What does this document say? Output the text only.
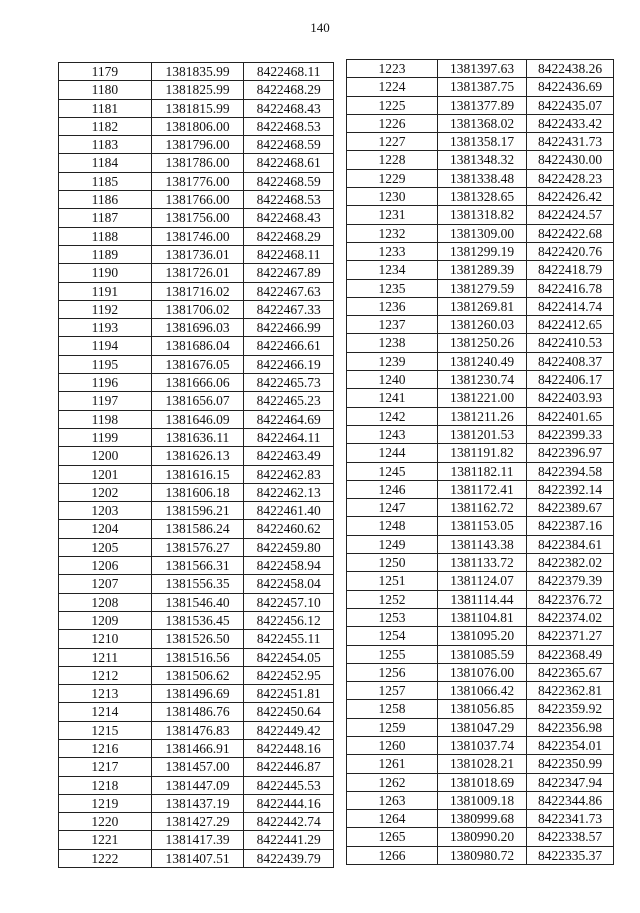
140
1179	1381835.99	8422468.11
1180	1381825.99	8422468.29
1181	1381815.99	8422468.43
1182	1381806.00	8422468.53
1183	1381796.00	8422468.59
1184	1381786.00	8422468.61
1185	1381776.00	8422468.59
1186	1381766.00	8422468.53
1187	1381756.00	8422468.43
1188	1381746.00	8422468.29
1189	1381736.01	8422468.11
1190	1381726.01	8422467.89
1191	1381716.02	8422467.63
1192	1381706.02	8422467.33
1193	1381696.03	8422466.99
1194	1381686.04	8422466.61
1195	1381676.05	8422466.19
1196	1381666.06	8422465.73
1197	1381656.07	8422465.23
1198	1381646.09	8422464.69
1199	1381636.11	8422464.11
1200	1381626.13	8422463.49
1201	1381616.15	8422462.83
1202	1381606.18	8422462.13
1203	1381596.21	8422461.40
1204	1381586.24	8422460.62
1205	1381576.27	8422459.80
1206	1381566.31	8422458.94
1207	1381556.35	8422458.04
1208	1381546.40	8422457.10
1209	1381536.45	8422456.12
1210	1381526.50	8422455.11
1211	1381516.56	8422454.05
1212	1381506.62	8422452.95
1213	1381496.69	8422451.81
1214	1381486.76	8422450.64
1215	1381476.83	8422449.42
1216	1381466.91	8422448.16
1217	1381457.00	8422446.87
1218	1381447.09	8422445.53
1219	1381437.19	8422444.16
1220	1381427.29	8422442.74
1221	1381417.39	8422441.29
1222	1381407.51	8422439.79
1223	1381397.63	8422438.26
1224	1381387.75	8422436.69
1225	1381377.89	8422435.07
1226	1381368.02	8422433.42
1227	1381358.17	8422431.73
1228	1381348.32	8422430.00
1229	1381338.48	8422428.23
1230	1381328.65	8422426.42
1231	1381318.82	8422424.57
1232	1381309.00	8422422.68
1233	1381299.19	8422420.76
1234	1381289.39	8422418.79
1235	1381279.59	8422416.78
1236	1381269.81	8422414.74
1237	1381260.03	8422412.65
1238	1381250.26	8422410.53
1239	1381240.49	8422408.37
1240	1381230.74	8422406.17
1241	1381221.00	8422403.93
1242	1381211.26	8422401.65
1243	1381201.53	8422399.33
1244	1381191.82	8422396.97
1245	1381182.11	8422394.58
1246	1381172.41	8422392.14
1247	1381162.72	8422389.67
1248	1381153.05	8422387.16
1249	1381143.38	8422384.61
1250	1381133.72	8422382.02
1251	1381124.07	8422379.39
1252	1381114.44	8422376.72
1253	1381104.81	8422374.02
1254	1381095.20	8422371.27
1255	1381085.59	8422368.49
1256	1381076.00	8422365.67
1257	1381066.42	8422362.81
1258	1381056.85	8422359.92
1259	1381047.29	8422356.98
1260	1381037.74	8422354.01
1261	1381028.21	8422350.99
1262	1381018.69	8422347.94
1263	1381009.18	8422344.86
1264	1380999.68	8422341.73
1265	1380990.20	8422338.57
1266	1380980.72	8422335.37
